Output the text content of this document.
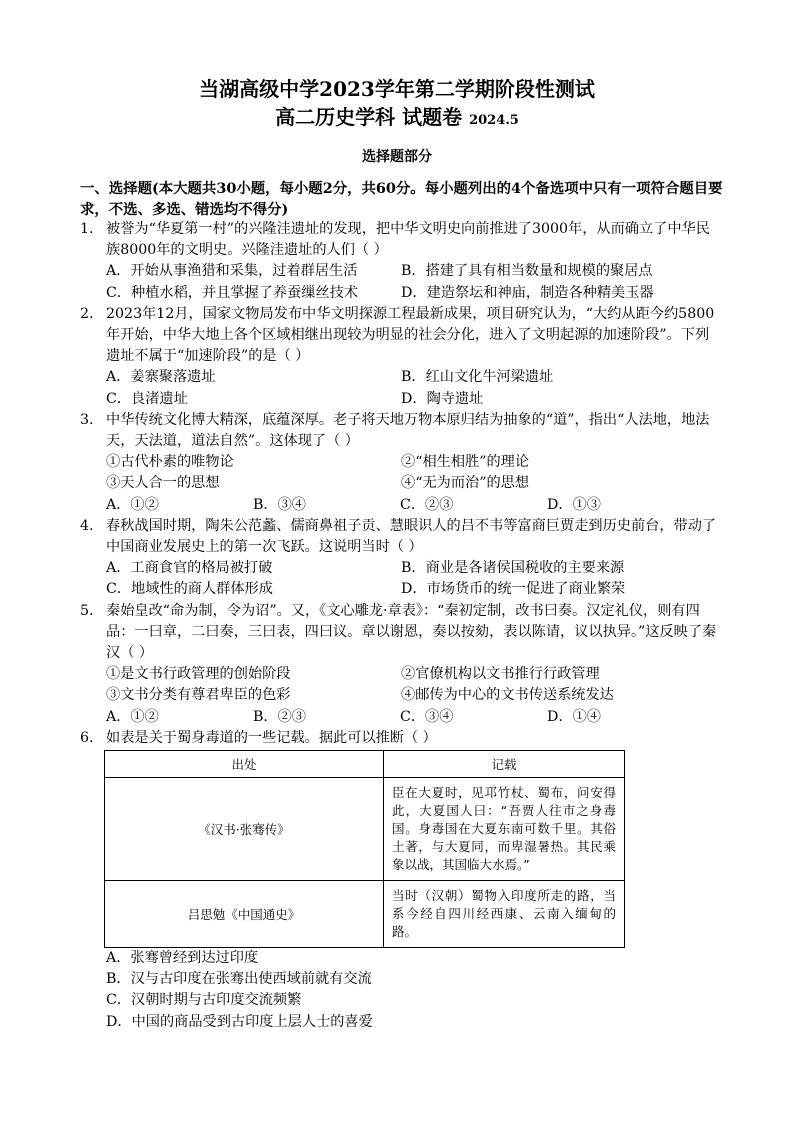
当湖高级中学2023学年第二学期阶段性测试
高二历史学科 试题卷 2024.5
选择题部分
一、选择题(本大题共30小题，每小题2分，共60分。每小题列出的4个备选项中只有一项符合题目要求，不选、多选、错选均不得分)
1. 被誉为“华夏第一村”的兴隆洼遗址的发现，把中华文明史向前推进了3000年，从而确立了中华民族8000年的文明史。兴隆洼遗址的人们（ ）

A．开始从事渔猎和采集，过着群居生活	B．搭建了具有相当数量和规模的聚居点
C．种植水稻，并且掌握了养蚕缫丝技术	D．建造祭坛和神庙，制造各种精美玉器
2. 2023年12月，国家文物局发布中华文明探源工程最新成果，项目研究认为，“大约从距今约5800年开始，中华大地上各个区域相继出现较为明显的社会分化，进入了文明起源的加速阶段”。下列遗址不属于“加速阶段”的是（ ）

A．姜寨聚落遗址	B．红山文化牛河梁遗址
C．良渚遗址	D．陶寺遗址
3. 中华传统文化博大精深，底蕴深厚。老子将天地万物本原归结为抽象的“道”，指出“人法地，地法天，天法道，道法自然”。这体现了（ ）

①古代朴素的唯物论	②“相生相胜”的理论
③天人合一的思想	④“无为而治”的思想
A．①②	B．③④	C．②③	D．①③
4. 春秋战国时期，陶朱公范蠡、儒商鼻祖子贡、慧眼识人的吕不韦等富商巨贾走到历史前台，带动了中国商业发展史上的第一次飞跃。这说明当时（ ）

A．工商食官的格局被打破	B．商业是各诸侯国税收的主要来源
C．地域性的商人群体形成	D．市场货币的统一促进了商业繁荣
5. 秦始皇改“命为制，令为诏”。又，《文心雕龙·章表》：“秦初定制，改书曰奏。汉定礼仪，则有四品：一曰章，二曰奏，三曰表，四曰议。章以谢恩，奏以按劾，表以陈请，议以执异。”这反映了秦汉（ ）

①是文书行政管理的创始阶段	②官僚机构以文书推行行政管理
③文书分类有尊君卑臣的色彩	④邮传为中心的文书传送系统发达
A．①②	B．②③	C．③④	D．①④
6. 如表是关于蜀身毒道的一些记载。据此可以推断（ ）

出处	记载
《汉书·张骞传》	臣在大夏时，见邛竹杖、蜀布，问安得此，大夏国人曰：“吾贾人往市之身毒国。身毒国在大夏东南可数千里。其俗土著，与大夏同，而卑湿暑热。其民乘象以战，其国临大水焉。”
吕思勉《中国通史》	当时（汉朝）蜀物入印度所走的路，当系今经自四川经西康、云南入缅甸的路。
A．张骞曾经到达过印度
B．汉与古印度在张骞出使西域前就有交流
C．汉朝时期与古印度交流频繁
D．中国的商品受到古印度上层人士的喜爱
